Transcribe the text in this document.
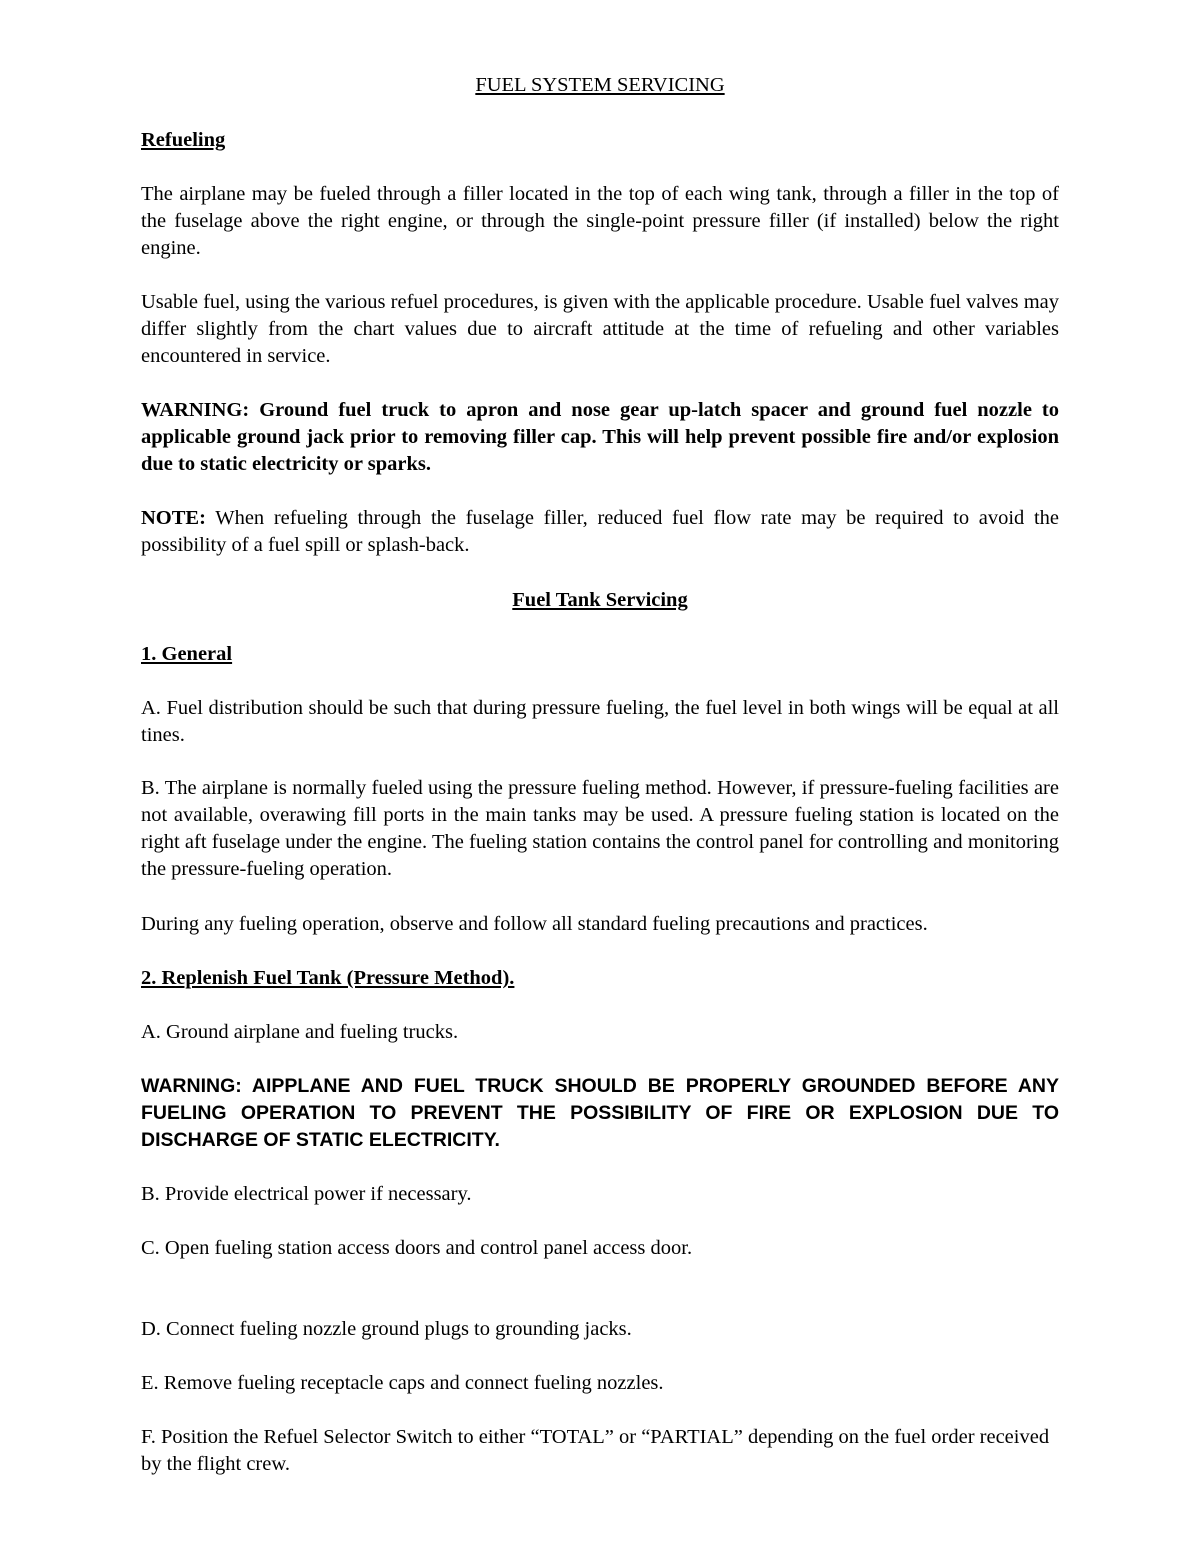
FUEL SYSTEM SERVICING

Refueling

The airplane may be fueled through a filler located in the top of each wing tank, through a filler in the top of the fuselage above the right engine, or through the single-point pressure filler (if installed) below the right engine.

Usable fuel, using the various refuel procedures, is given with the applicable procedure. Usable fuel valves may differ slightly from the chart values due to aircraft attitude at the time of refueling and other variables encountered in service.

WARNING: Ground fuel truck to apron and nose gear up-latch spacer and ground fuel nozzle to applicable ground jack prior to removing filler cap. This will help prevent possible fire and/or explosion due to static electricity or sparks.

NOTE: When refueling through the fuselage filler, reduced fuel flow rate may be required to avoid the possibility of a fuel spill or splash-back.

Fuel Tank Servicing

1. General

A. Fuel distribution should be such that during pressure fueling, the fuel level in both wings will be equal at all tines.

B. The airplane is normally fueled using the pressure fueling method. However, if pressure-fueling facilities are not available, overawing fill ports in the main tanks may be used. A pressure fueling station is located on the right aft fuselage under the engine. The fueling station contains the control panel for controlling and monitoring the pressure-fueling operation.

During any fueling operation, observe and follow all standard fueling precautions and practices.

2. Replenish Fuel Tank (Pressure Method).

A. Ground airplane and fueling trucks.

WARNING: AIPPLANE AND FUEL TRUCK SHOULD BE PROPERLY GROUNDED BEFORE ANY FUELING OPERATION TO PREVENT THE POSSIBILITY OF FIRE OR EXPLOSION DUE TO DISCHARGE OF STATIC ELECTRICITY.

B. Provide electrical power if necessary.

C. Open fueling station access doors and control panel access door.

D. Connect fueling nozzle ground plugs to grounding jacks.

E. Remove fueling receptacle caps and connect fueling nozzles.

F. Position the Refuel Selector Switch to either “TOTAL” or “PARTIAL” depending on the fuel order received by the flight crew.
